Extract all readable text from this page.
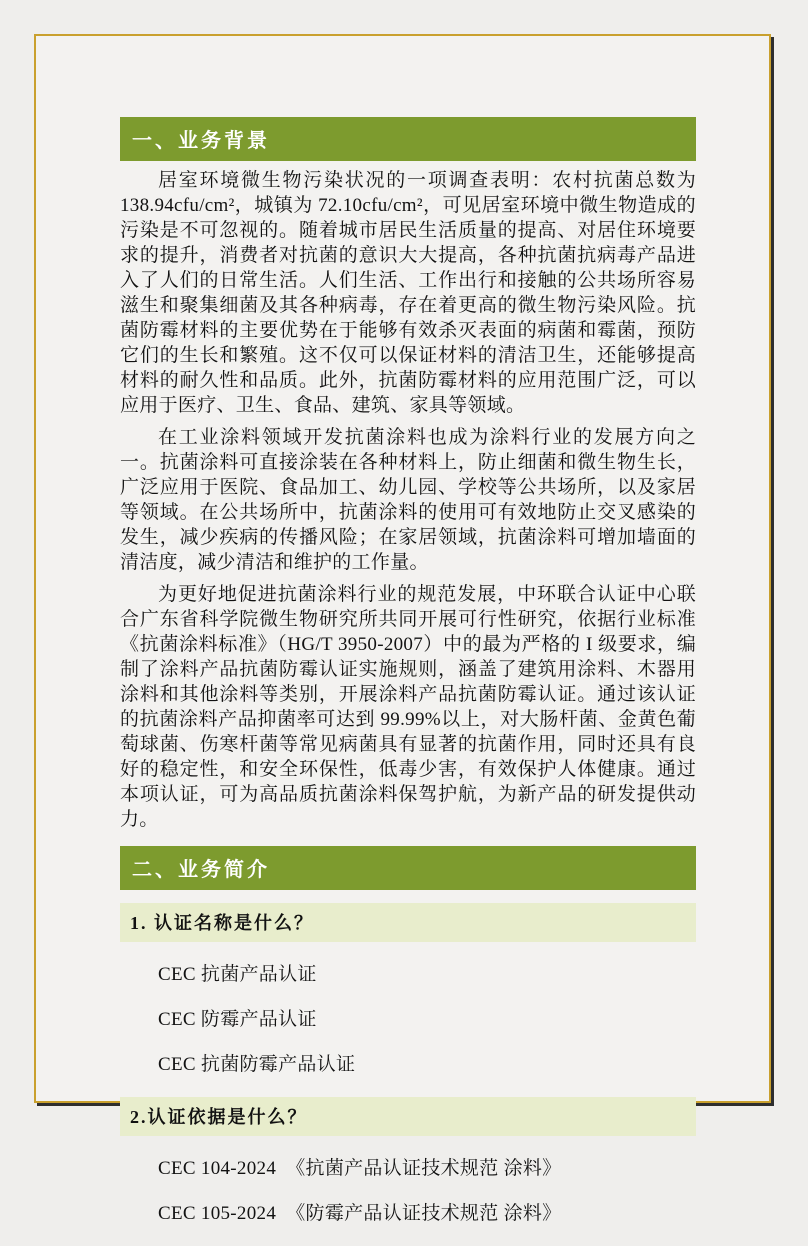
一、业务背景

居室环境微生物污染状况的一项调查表明：农村抗菌总数为 138.94cfu/cm²，城镇为 72.10cfu/cm²，可见居室环境中微生物造成的污染是不可忽视的。随着城市居民生活质量的提高、对居住环境要求的提升，消费者对抗菌的意识大大提高，各种抗菌抗病毒产品进入了人们的日常生活。人们生活、工作出行和接触的公共场所容易滋生和聚集细菌及其各种病毒，存在着更高的微生物污染风险。抗菌防霉材料的主要优势在于能够有效杀灭表面的病菌和霉菌，预防它们的生长和繁殖。这不仅可以保证材料的清洁卫生，还能够提高材料的耐久性和品质。此外，抗菌防霉材料的应用范围广泛，可以应用于医疗、卫生、食品、建筑、家具等领域。

在工业涂料领域开发抗菌涂料也成为涂料行业的发展方向之一。抗菌涂料可直接涂装在各种材料上，防止细菌和微生物生长，广泛应用于医院、食品加工、幼儿园、学校等公共场所，以及家居等领域。在公共场所中，抗菌涂料的使用可有效地防止交叉感染的发生，减少疾病的传播风险；在家居领域，抗菌涂料可增加墙面的清洁度，减少清洁和维护的工作量。

为更好地促进抗菌涂料行业的规范发展，中环联合认证中心联合广东省科学院微生物研究所共同开展可行性研究，依据行业标准《抗菌涂料标准》（HG/T 3950-2007）中的最为严格的 I 级要求，编制了涂料产品抗菌防霉认证实施规则，涵盖了建筑用涂料、木器用涂料和其他涂料等类别，开展涂料产品抗菌防霉认证。通过该认证的抗菌涂料产品抑菌率可达到 99.99%以上，对大肠杆菌、金黄色葡萄球菌、伤寒杆菌等常见病菌具有显著的抗菌作用，同时还具有良好的稳定性，和安全环保性，低毒少害，有效保护人体健康。通过本项认证，可为高品质抗菌涂料保驾护航，为新产品的研发提供动力。

二、业务简介
1. 认证名称是什么？
CEC 抗菌产品认证
CEC 防霉产品认证
CEC 抗菌防霉产品认证
2.认证依据是什么？
CEC 104-2024  《抗菌产品认证技术规范 涂料》
CEC 105-2024  《防霉产品认证技术规范 涂料》
